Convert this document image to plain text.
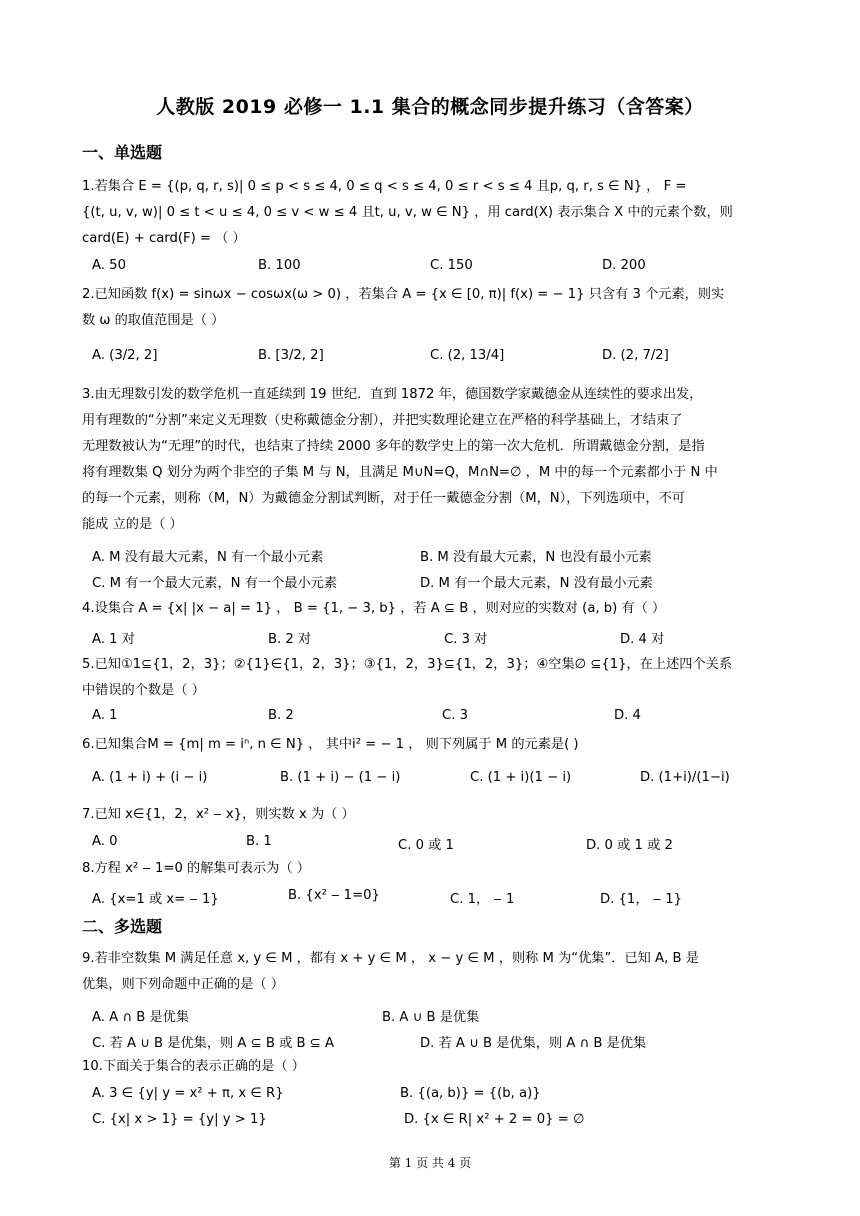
人教版 2019 必修一 1.1 集合的概念同步提升练习（含答案）
一、单选题
1.若集合 E = {(p, q, r, s)| 0 ≤ p < s ≤ 4, 0 ≤ q < s ≤ 4, 0 ≤ r < s ≤ 4 且p, q, r, s ∈ N} ， F =
{(t, u, v, w)| 0 ≤ t < u ≤ 4, 0 ≤ v < w ≤ 4 且t, u, v, w ∈ N} ，用 card(X) 表示集合 X 中的元素个数，则
card(E) + card(F) = （ ）
A. 50	B. 100	C. 150	D. 200
2.已知函数 f(x) = sinωx − cosωx(ω > 0) ，若集合 A = {x ∈ [0, π)| f(x) = − 1} 只含有 3 个元素，则实
数 ω 的取值范围是（ ）
A. (3/2, 2]	B. [3/2, 2]	C. (2, 13/4]	D. (2, 7/2]
3.由无理数引发的数学危机一直延续到 19 世纪．直到 1872 年，德国数学家戴德金从连续性的要求出发，
用有理数的“分割”来定义无理数（史称戴德金分割），并把实数理论建立在严格的科学基础上，才结束了
无理数被认为“无理”的时代，也结束了持续 2000 多年的数学史上的第一次大危机．所谓戴德金分割，是指
将有理数集 Q 划分为两个非空的子集 M 与 N，且满足 M∪N=Q，M∩N=∅ ，M 中的每一个元素都小于 N 中
的每一个元素，则称（M，N）为戴德金分割试判断，对于任一戴德金分割（M，N），下列选项中，不可
能成 立的是（ ）
A. M 没有最大元素，N 有一个最小元素	B. M 没有最大元素，N 也没有最小元素
C. M 有一个最大元素，N 有一个最小元素	D. M 有一个最大元素，N 没有最小元素
4.设集合 A = {x| |x − a| = 1} ， B = {1, − 3, b} ，若 A ⊆ B ，则对应的实数对 (a, b) 有（ ）
A. 1 对	B. 2 对	C. 3 对	D. 4 对
5.已知①1⊆{1，2，3}；②{1}∈{1，2，3}；③{1，2，3}⊆{1，2，3}；④空集∅ ⊆{1}，在上述四个关系
中错误的个数是（ ）
A. 1	B. 2	C. 3	D. 4
6.已知集合M = {m| m = iⁿ, n ∈ N} ， 其中i² = − 1 ， 则下列属于 M 的元素是( )
A. (1 + i) + (i − i)	B. (1 + i) − (1 − i)	C. (1 + i)(1 − i)	D. (1+i)/(1−i)
7.已知 x∈{1，2，x² ‒ x}，则实数 x 为（ ）
A. 0	B. 1	C. 0 或 1	D. 0 或 1 或 2
8.方程 x² ‒ 1=0 的解集可表示为（ ）
A. {x=1 或 x= ‒ 1}	B. {x² ‒ 1=0}	C. 1， ‒ 1	D. {1， ‒ 1}
二、多选题
9.若非空数集 M 满足任意 x, y ∈ M ，都有 x + y ∈ M ， x − y ∈ M ，则称 M 为“优集”．已知 A, B 是
优集，则下列命题中正确的是（ ）
A. A ∩ B 是优集	B. A ∪ B 是优集
C. 若 A ∪ B 是优集，则 A ⊆ B 或 B ⊆ A	D. 若 A ∪ B 是优集，则 A ∩ B 是优集
10.下面关于集合的表示正确的是（ ）
A. 3 ∈ {y| y = x² + π, x ∈ R}	B. {(a, b)} = {(b, a)}
C. {x| x > 1} = {y| y > 1}	D. {x ∈ R| x² + 2 = 0} = ∅
第 1 页 共 4 页
